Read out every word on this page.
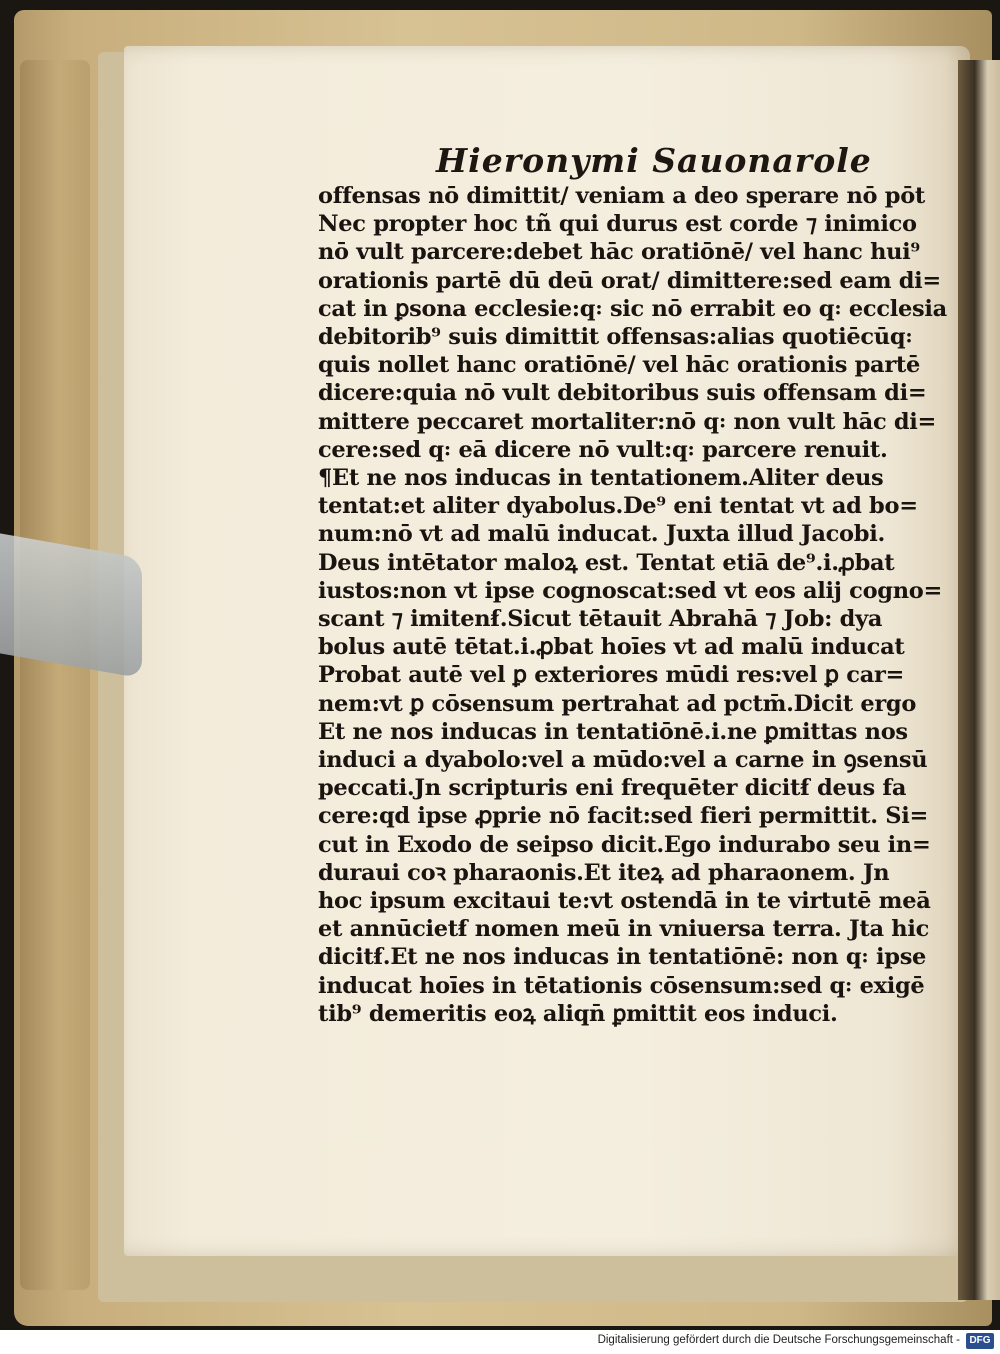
Hieronymi Sauonarole
offensas nō dimittit/ veniam a deo sperare nō pōt
Nec propter hoc tñ qui durus est corde ⁊ inimico
nō vult parcere:debet hāc oratiōnē/ vel hanc hui⁹
orationis partē dū deū orat/ dimittere:sed eam di=
cat in ꝑsona ecclesie:q꞉ sic nō errabit eo q꞉ ecclesia
debitorib⁹ suis dimittit offensas:alias quotiēcūq꞉
quis nollet hanc oratiōnē/ vel hāc orationis partē
dicere:quia nō vult debitoribus suis offensam di=
mittere peccaret mortaliter:nō q꞉ non vult hāc di=
cere:sed q꞉ eā dicere nō vult:q꞉ parcere renuit.
¶Et ne nos inducas in tentationem.Aliter deus
tentat:et aliter dyabolus.De⁹ eni tentat vt ad bo=
num:nō vt ad malū inducat. Juxta illud Jacobi.
Deus intētator maloꝝ est. Tentat etiā de⁹.i.ꝓbat
iustos:non vt ipse cognoscat:sed vt eos alij cogno=
scant ⁊ imitenẜ.Sicut tētauit Abrahā ⁊ Job: dya
bolus autē tētat.i.ꝓbat hoīes vt ad malū inducat
Probat autē vel ꝑ exteriores mūdi res:vel ꝑ car=
nem:vt ꝑ cōsensum pertrahat ad pctm̄.Dicit ergo
Et ne nos inducas in tentatiōnē.i.ne ꝑmittas nos
induci a dyabolo:vel a mūdo:vel a carne in ꝯsensū
peccati.Jn scripturis eni frequēter dicitẜ deus fa
cere:qd ipse ꝓprie nō facit:sed fieri permittit. Si=
cut in Exodo de seipso dicit.Ego indurabo seu in=
duraui coꝛ pharaonis.Et iteꝝ ad pharaonem. Jn
hoc ipsum excitaui te:vt ostendā in te virtutē meā
et annūcietẜ nomen meū in vniuersa terra. Jta hic
dicitẜ.Et ne nos inducas in tentatiōnē: non q꞉ ipse
inducat hoīes in tētationis cōsensum:sed q꞉ exigē
tib⁹ demeritis eoꝝ aliqn̄ ꝑmittit eos induci.
Digitalisierung gefördert durch die Deutsche Forschungsgemeinschaft - DFG
